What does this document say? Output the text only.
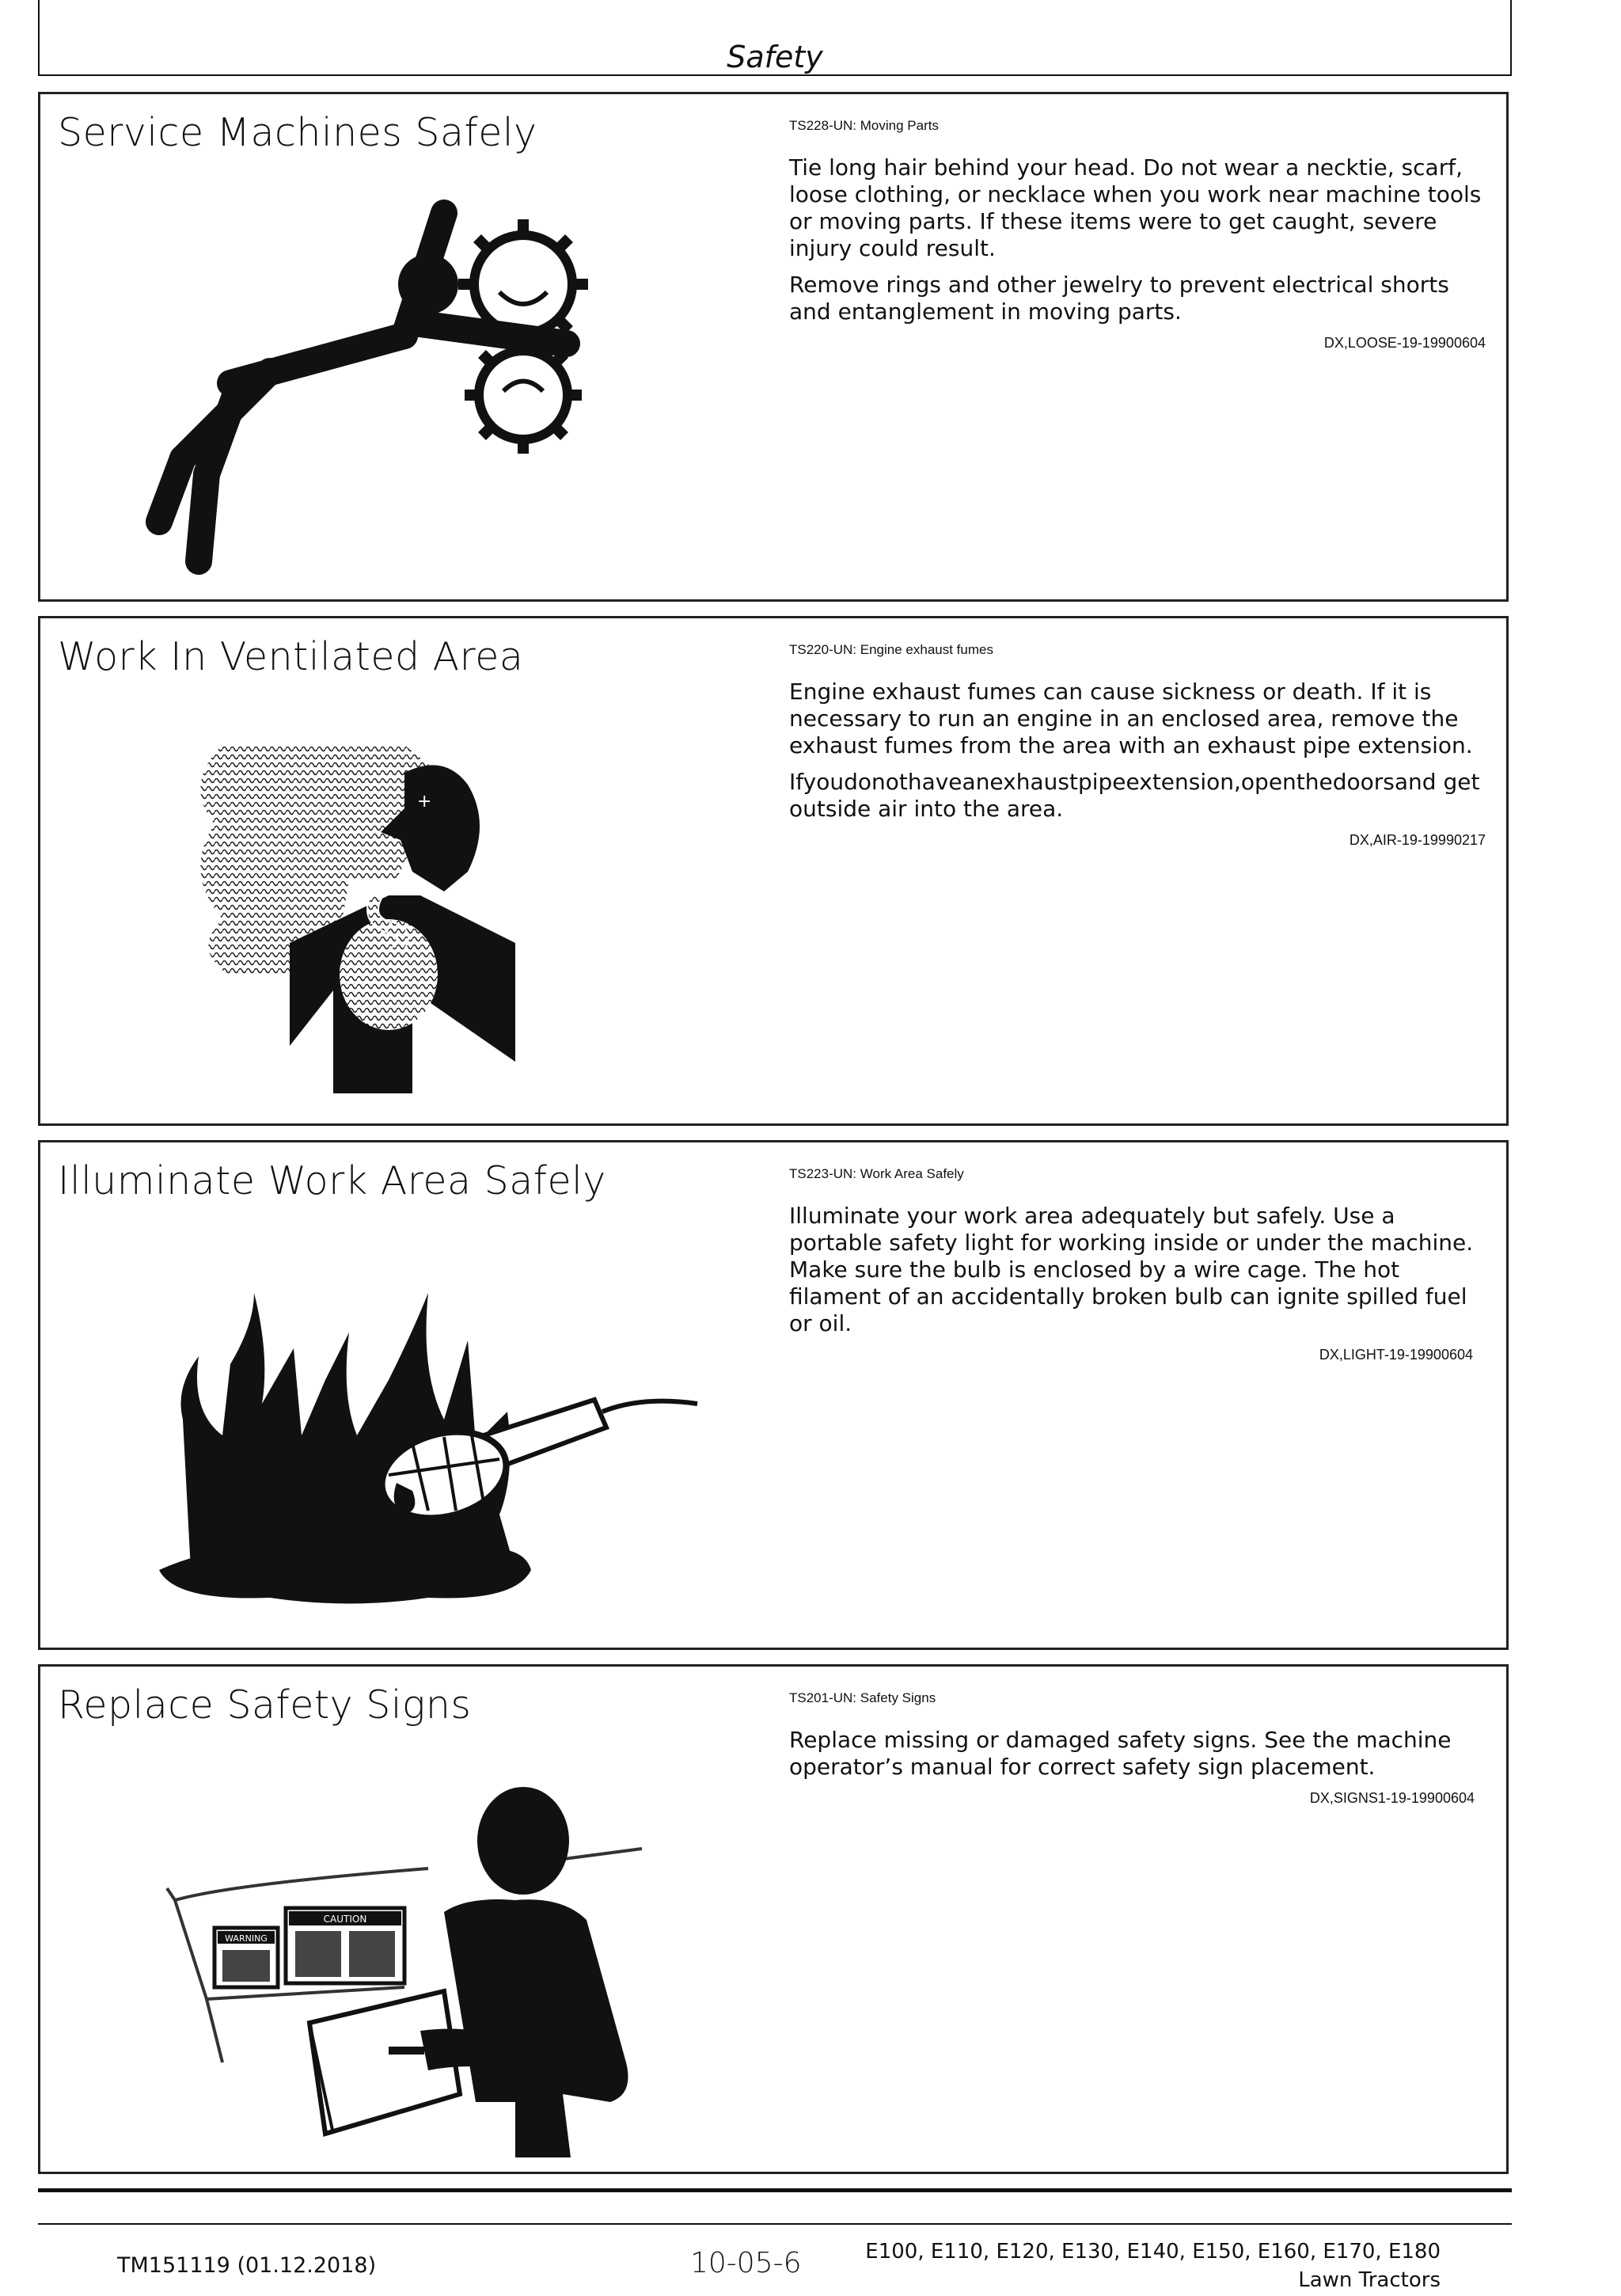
Safety
Service Machines Safely	TS228-UN: Moving Parts

Tie long hair behind your head. Do not wear a necktie, scarf, loose clothing, or necklace when you work near machine tools or moving parts. If these items were to get caught, severe injury could result.

Remove rings and other jewelry to prevent electrical shorts and entanglement in moving parts.

DX,LOOSE-19-19900604
Work In Ventilated Area
+
TS220-UN: Engine exhaust fumes

Engine exhaust fumes can cause sickness or death. If it is necessary to run an engine in an enclosed area, remove the exhaust fumes from the area with an exhaust pipe extension.

Ifyoudonothaveanexhaustpipeextension,openthedoorsand get outside air into the area.

DX,AIR-19-19990217
Illuminate Work Area Safely	TS223-UN: Work Area Safely

Illuminate your work area adequately but safely. Use a portable safety light for working inside or under the machine. Make sure the bulb is enclosed by a wire cage. The hot filament of an accidentally broken bulb can ignite spilled fuel or oil.

DX,LIGHT-19-19900604
Replace Safety Signs
WARNING
CAUTION
TS201-UN: Safety Signs

Replace missing or damaged safety signs. See the machine operator’s manual for correct safety sign placement.

DX,SIGNS1-19-19900604
TM151119 (01.12.2018)	10-05-6	E100, E110, E120, E130, E140, E150, E160, E170, E180
Lawn Tractors
